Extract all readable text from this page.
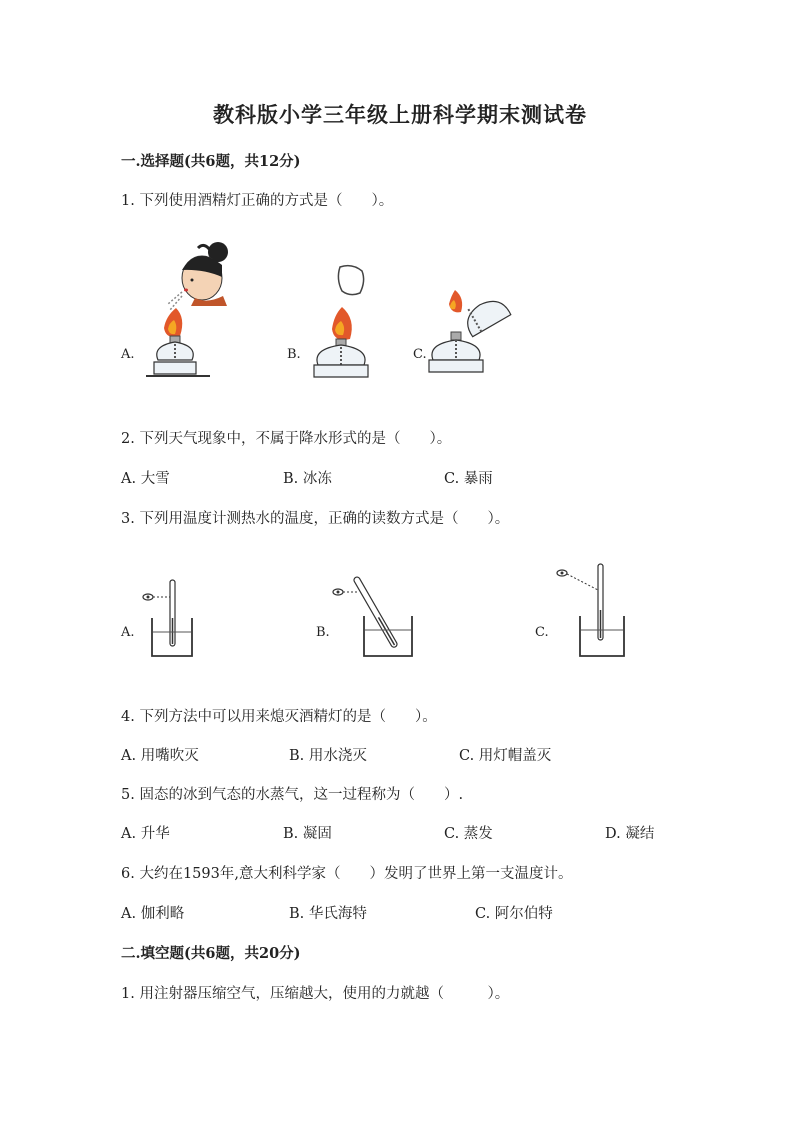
教科版小学三年级上册科学期末测试卷
一.选择题(共6题，共12分)
1. 下列使用酒精灯正确的方式是（　　）。
A.	B.	C.
2. 下列天气现象中，不属于降水形式的是（　　）。
A. 大雪	B. 冰冻	C. 暴雨
3. 下列用温度计测热水的温度，正确的读数方式是（　　）。
A.	B.	C.
4. 下列方法中可以用来熄灭酒精灯的是（　　）。
A. 用嘴吹灭	B. 用水浇灭	C. 用灯帽盖灭
5. 固态的冰到气态的水蒸气，这一过程称为（　　）.
A. 升华	B. 凝固	C. 蒸发	D. 凝结
6. 大约在1593年,意大利科学家（　　）发明了世界上第一支温度计。
A. 伽利略	B. 华氏海特	C. 阿尔伯特
二.填空题(共6题，共20分)
1. 用注射器压缩空气，压缩越大，使用的力就越（　　　）。
